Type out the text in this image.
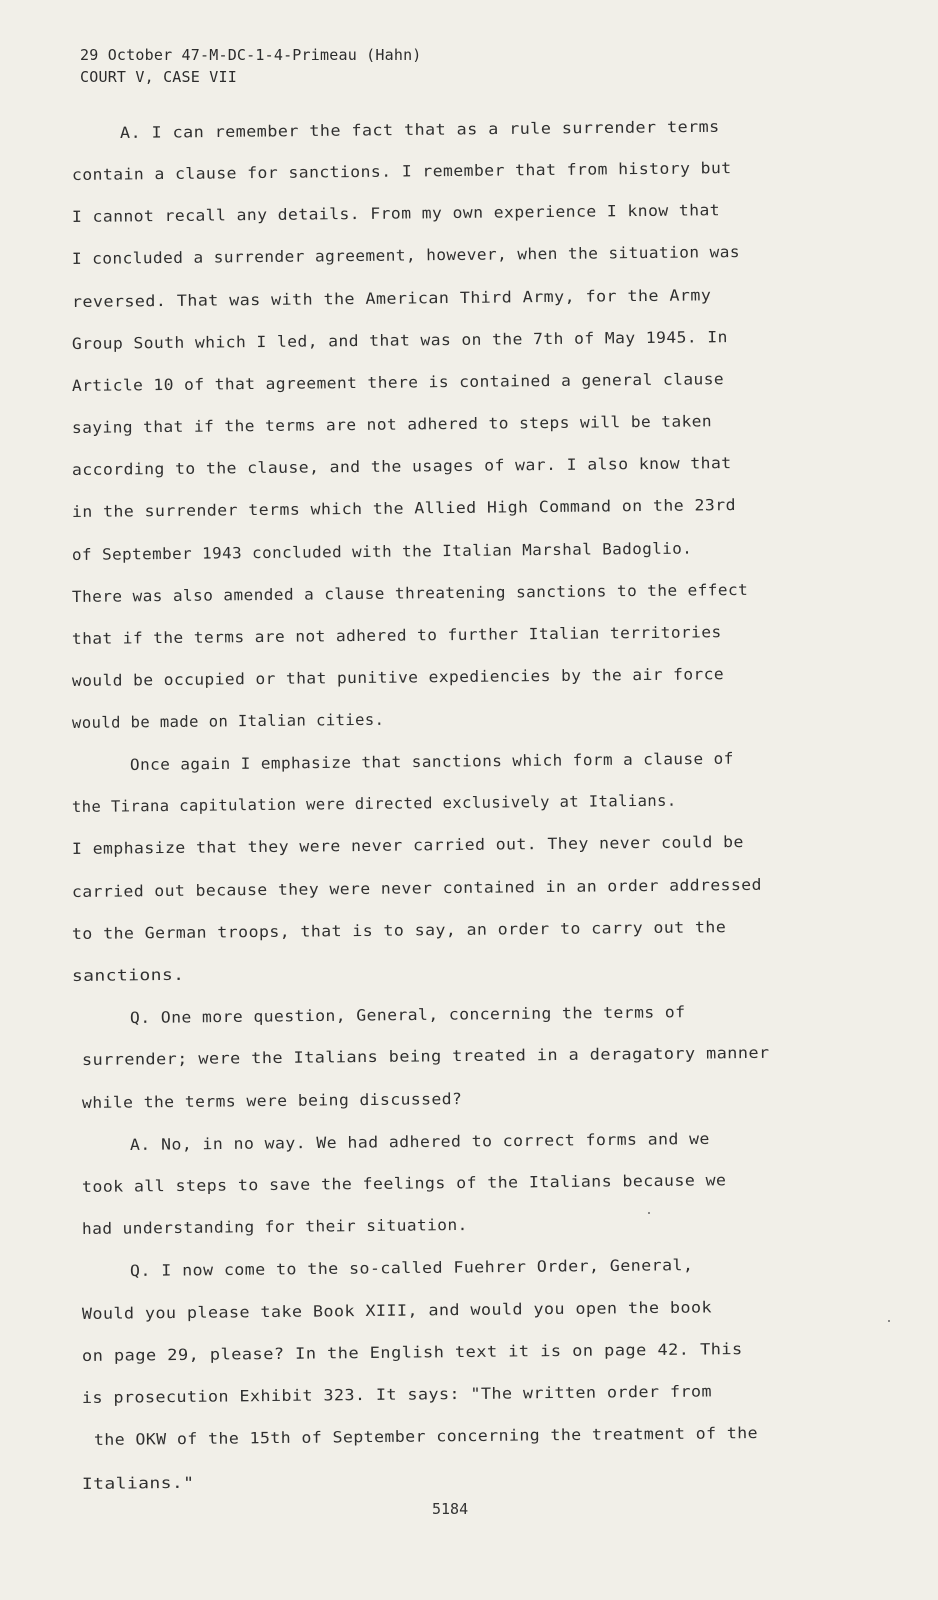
29 October 47-M-DC-1-4-Primeau (Hahn)
COURT V, CASE VII
A. I can remember the fact that as a rule surrender terms
contain a clause for sanctions. I remember that from history but
I cannot recall any details. From my own experience I know that
I concluded a surrender agreement, however, when the situation was
reversed. That was with the American Third Army, for the Army
Group South which I led, and that was on the 7th of May 1945. In
Article 10 of that agreement there is contained a general clause
saying that if the terms are not adhered to steps will be taken
according to the clause, and the usages of war. I also know that
in the surrender terms which the Allied High Command on the 23rd
of September 1943 concluded with the Italian Marshal Badoglio.
There was also amended a clause threatening sanctions to the effect
that if the terms are not adhered to further Italian territories
would be occupied or that punitive expediencies by the air force
would be made on Italian cities.
Once again I emphasize that sanctions which form a clause of
the Tirana capitulation were directed exclusively at Italians.
I emphasize that they were never carried out. They never could be
carried out because they were never contained in an order addressed
to the German troops, that is to say, an order to carry out the
sanctions.
Q. One more question, General, concerning the terms of
surrender; were the Italians being treated in a deragatory manner
while the terms were being discussed?
A. No, in no way. We had adhered to correct forms and we
took all steps to save the feelings of the Italians because we
had understanding for their situation.
Q. I now come to the so-called Fuehrer Order, General,
Would you please take Book XIII, and would you open the book
on page 29, please? In the English text it is on page 42. This
is prosecution Exhibit 323. It says: "The written order from
the OKW of the 15th of September concerning the treatment of the
Italians."
5184
